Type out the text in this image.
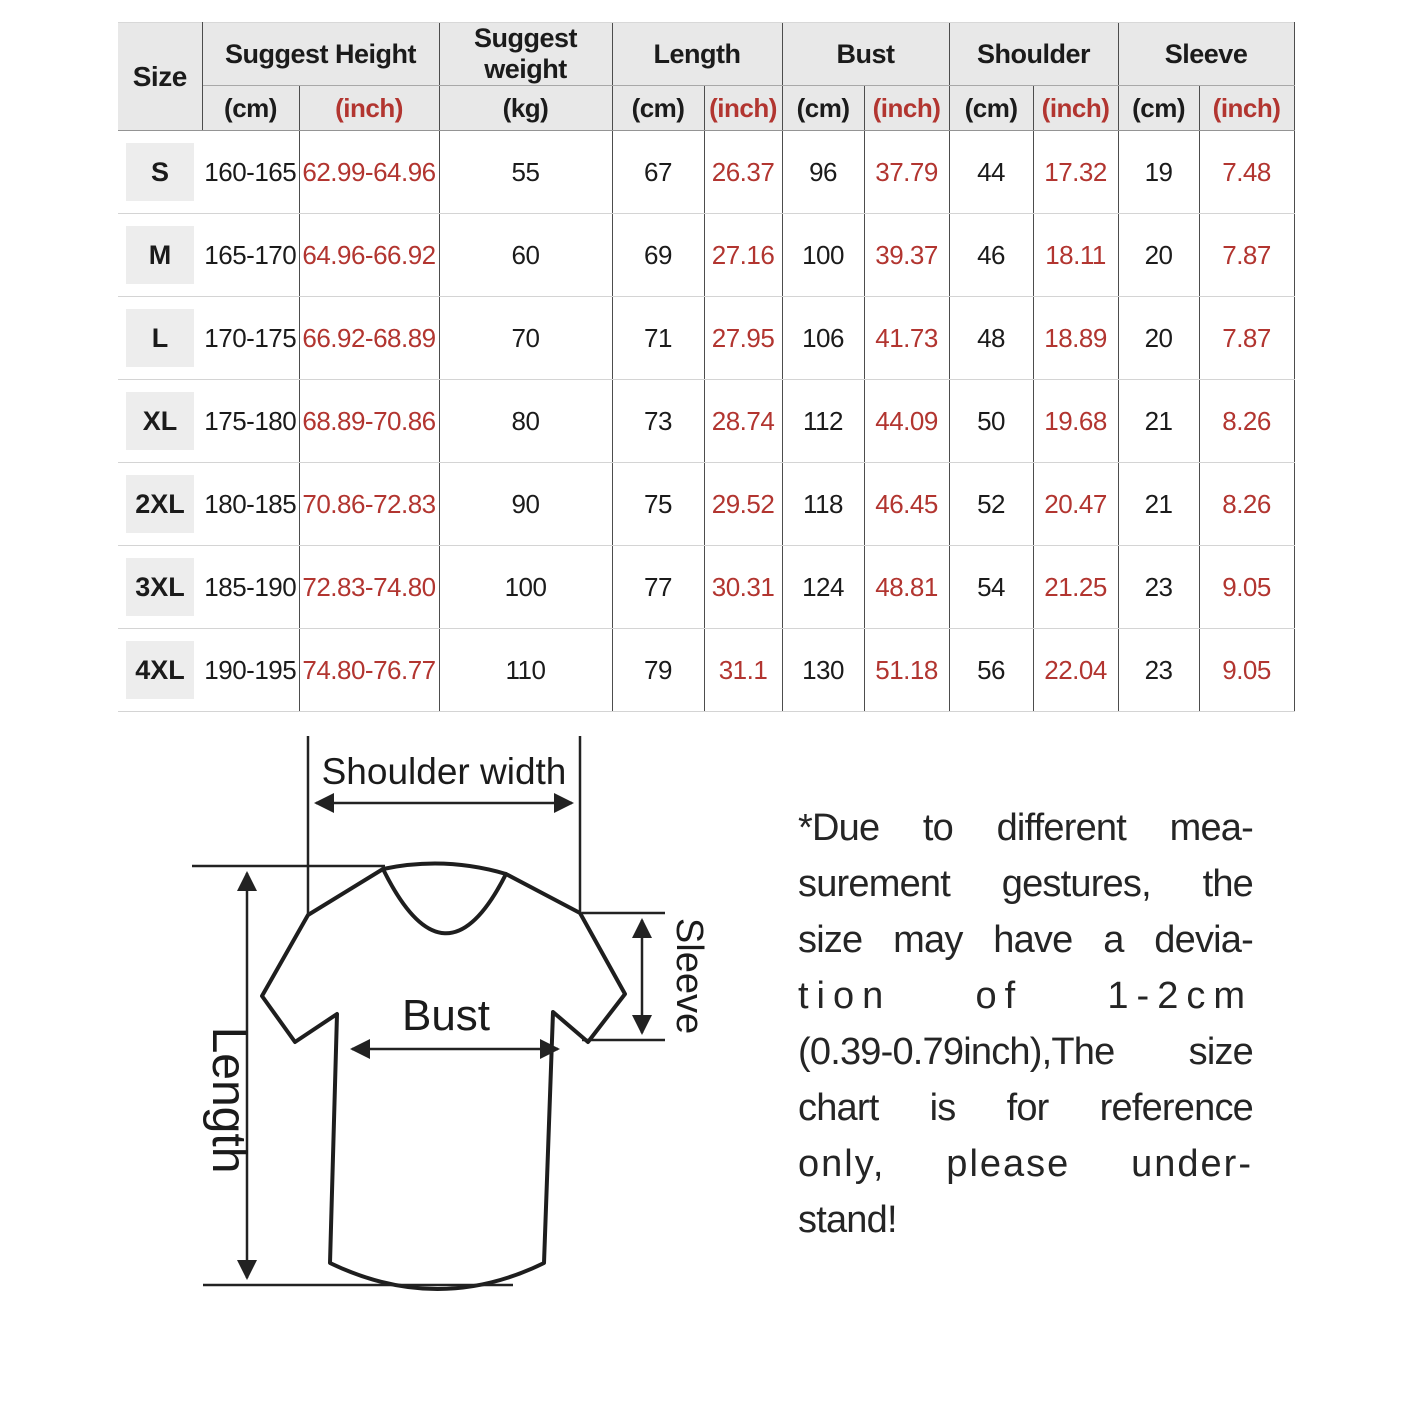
Size	Suggest Height		Suggest weight	Length		Bust		Shoulder		Sleeve	
	(cm)	(inch)	(kg)	(cm)	(inch)	(cm)	(inch)	(cm)	(inch)	(cm)	(inch)

S	160-165	62.99-64.96	55	67	26.37	96	37.79	44	17.32	19	7.48

M	165-170	64.96-66.92	60	69	27.16	100	39.37	46	18.11	20	7.87

L	170-175	66.92-68.89	70	71	27.95	106	41.73	48	18.89	20	7.87

XL	175-180	68.89-70.86	80	73	28.74	112	44.09	50	19.68	21	8.26

2XL	180-185	70.86-72.83	90	75	29.52	118	46.45	52	20.47	21	8.26

3XL	185-190	72.83-74.80	100	77	30.31	124	48.81	54	21.25	23	9.05

4XL	190-195	74.80-76.77	110	79	31.1	130	51.18	56	22.04	23	9.05
Shoulder width
Length
Bust	Sleeve
*Due to different mea-
surement gestures, the
size may have a devia-
tion of 1-2cm
(0.39-0.79inch),The size
chart is for reference
only, please under-
stand!
